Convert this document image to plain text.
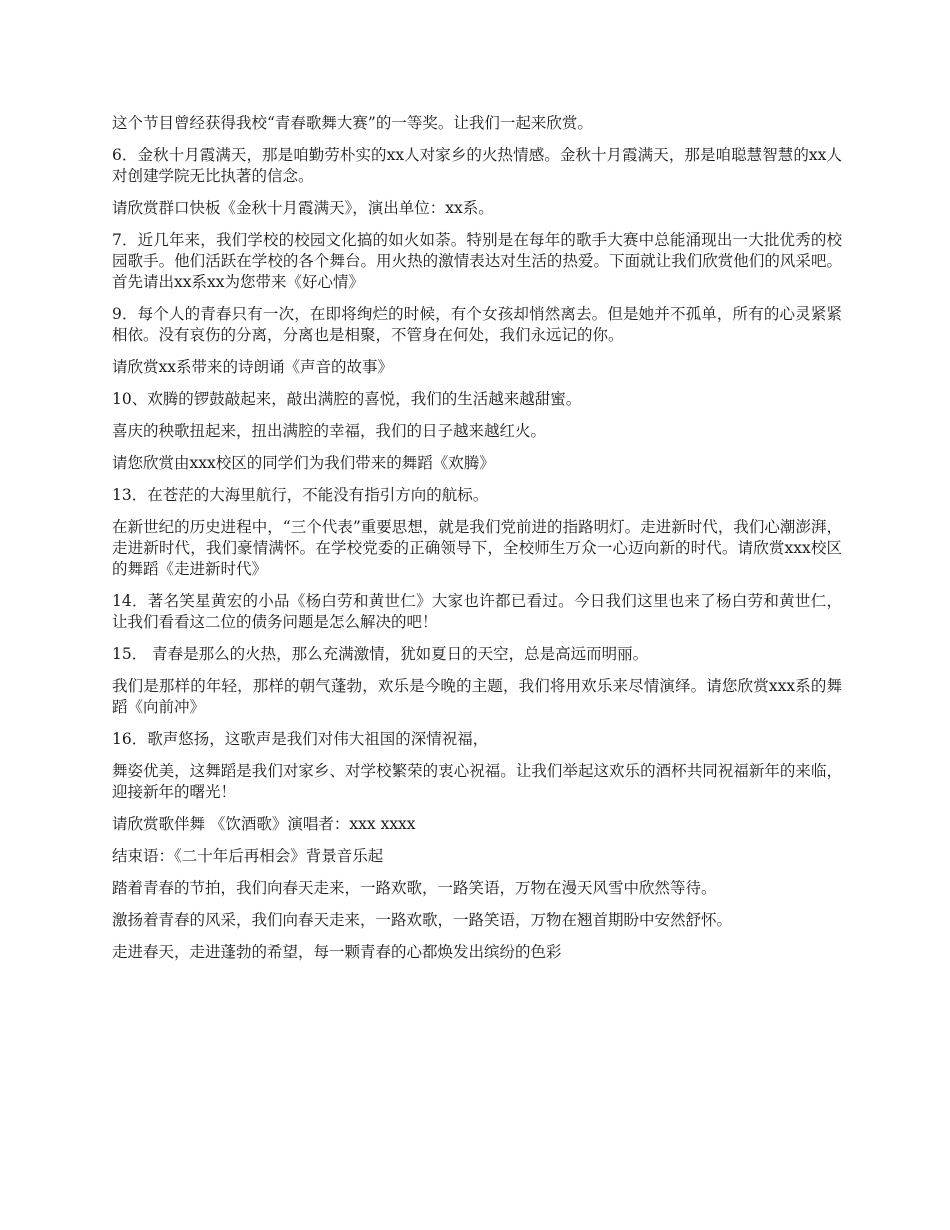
这个节目曾经获得我校“青春歌舞大赛”的一等奖。让我们一起来欣赏。

6．金秋十月霞满天，那是咱勤劳朴实的xx人对家乡的火热情感。金秋十月霞满天，那是咱聪慧智慧的xx人对创建学院无比执著的信念。

请欣赏群口快板《金秋十月霞满天》，演出单位：xx系。

7．近几年来，我们学校的校园文化搞的如火如荼。特别是在每年的歌手大赛中总能涌现出一大批优秀的校园歌手。他们活跃在学校的各个舞台。用火热的激情表达对生活的热爱。下面就让我们欣赏他们的风采吧。首先请出xx系xx为您带来《好心情》

9．每个人的青春只有一次，在即将绚烂的时候，有个女孩却悄然离去。但是她并不孤单，所有的心灵紧紧相依。没有哀伤的分离，分离也是相聚，不管身在何处，我们永远记的你。

请欣赏xx系带来的诗朗诵《声音的故事》

10、欢腾的锣鼓敲起来，敲出满腔的喜悦，我们的生活越来越甜蜜。

喜庆的秧歌扭起来，扭出满腔的幸福，我们的日子越来越红火。

请您欣赏由xxx校区的同学们为我们带来的舞蹈《欢腾》

13．在苍茫的大海里航行，不能没有指引方向的航标。

在新世纪的历史进程中，“三个代表”重要思想，就是我们党前进的指路明灯。走进新时代，我们心潮澎湃，走进新时代，我们豪情满怀。在学校党委的正确领导下，全校师生万众一心迈向新的时代。请欣赏xxx校区的舞蹈《走进新时代》

14．著名笑星黄宏的小品《杨白劳和黄世仁》大家也许都已看过。今日我们这里也来了杨白劳和黄世仁，让我们看看这二位的债务问题是怎么解决的吧！

15． 青春是那么的火热，那么充满激情，犹如夏日的天空，总是高远而明丽。

我们是那样的年轻，那样的朝气蓬勃，欢乐是今晚的主题，我们将用欢乐来尽情演绎。请您欣赏xxx系的舞蹈《向前冲》

16．歌声悠扬，这歌声是我们对伟大祖国的深情祝福，

舞姿优美，这舞蹈是我们对家乡、对学校繁荣的衷心祝福。让我们举起这欢乐的酒杯共同祝福新年的来临，迎接新年的曙光！

请欣赏歌伴舞 《饮酒歌》演唱者：xxx xxxx

结束语：《二十年后再相会》背景音乐起

踏着青春的节拍，我们向春天走来，一路欢歌，一路笑语，万物在漫天风雪中欣然等待。

激扬着青春的风采，我们向春天走来，一路欢歌，一路笑语，万物在翘首期盼中安然舒怀。

走进春天，走进蓬勃的希望，每一颗青春的心都焕发出缤纷的色彩
